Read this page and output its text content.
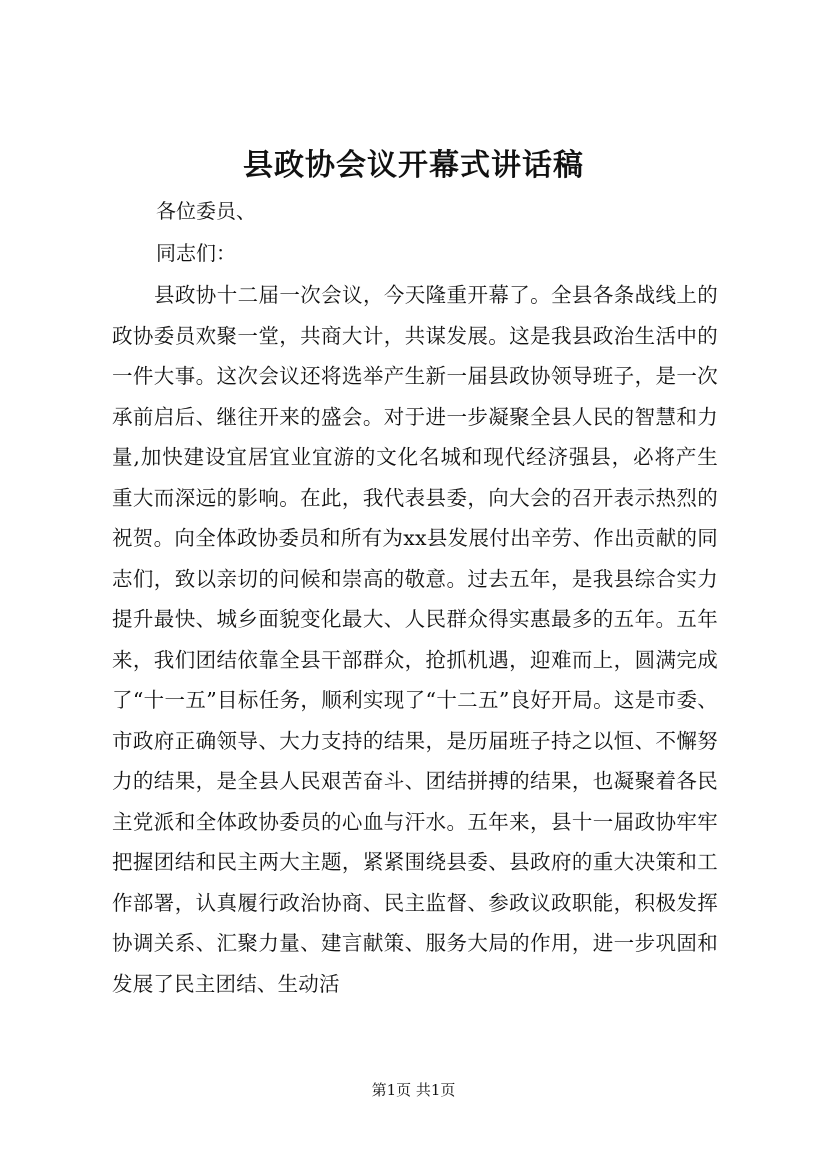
县政协会议开幕式讲话稿
各位委员、
同志们：
县政协十二届一次会议，今天隆重开幕了。全县各条战线上的政协委员欢聚一堂，共商大计，共谋发展。这是我县政治生活中的一件大事。这次会议还将选举产生新一届县政协领导班子，是一次承前启后、继往开来的盛会。对于进一步凝聚全县人民的智慧和力量,加快建设宜居宜业宜游的文化名城和现代经济强县，必将产生重大而深远的影响。在此，我代表县委，向大会的召开表示热烈的祝贺。向全体政协委员和所有为xx县发展付出辛劳、作出贡献的同志们，致以亲切的问候和崇高的敬意。过去五年，是我县综合实力提升最快、城乡面貌变化最大、人民群众得实惠最多的五年。五年来，我们团结依靠全县干部群众，抢抓机遇，迎难而上，圆满完成了“十一五”目标任务，顺利实现了“十二五”良好开局。这是市委、市政府正确领导、大力支持的结果，是历届班子持之以恒、不懈努力的结果，是全县人民艰苦奋斗、团结拼搏的结果，也凝聚着各民主党派和全体政协委员的心血与汗水。五年来，县十一届政协牢牢把握团结和民主两大主题，紧紧围绕县委、县政府的重大决策和工作部署，认真履行政治协商、民主监督、参政议政职能，积极发挥协调关系、汇聚力量、建言献策、服务大局的作用，进一步巩固和发展了民主团结、生动活
第1页 共1页
